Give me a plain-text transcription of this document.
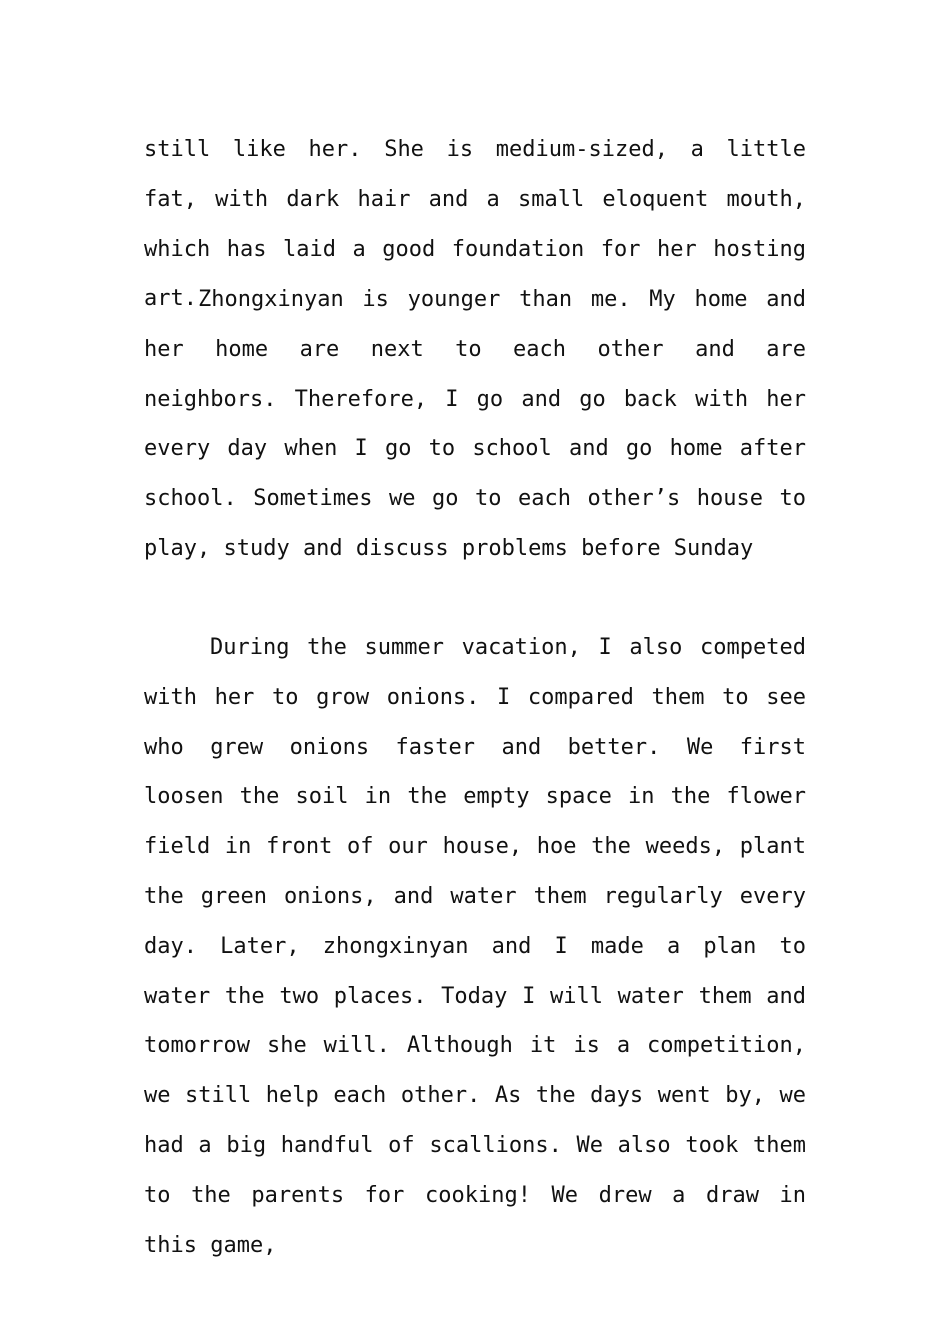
still like her. She is medium-sized, a little fat, with dark hair and a small eloquent mouth, which has laid a good foundation for her hosting art. Zhongxinyan is younger than me. My home and her home are next to each other and are neighbors. Therefore, I go and go back with her every day when I go to school and go home after school. Sometimes we go to each other’s house to play, study and discuss problems before Sunday

During the summer vacation, I also competed with her to grow onions. I compared them to see who grew onions faster and better. We first loosen the soil in the empty space in the flower field in front of our house, hoe the weeds, plant the green onions, and water them regularly every day. Later, zhongxinyan and I made a plan to water the two places. Today I will water them and tomorrow she will. Although it is a competition, we still help each other. As the days went by, we had a big handful of scallions. We also took them to the parents for cooking! We drew a draw in this game,
